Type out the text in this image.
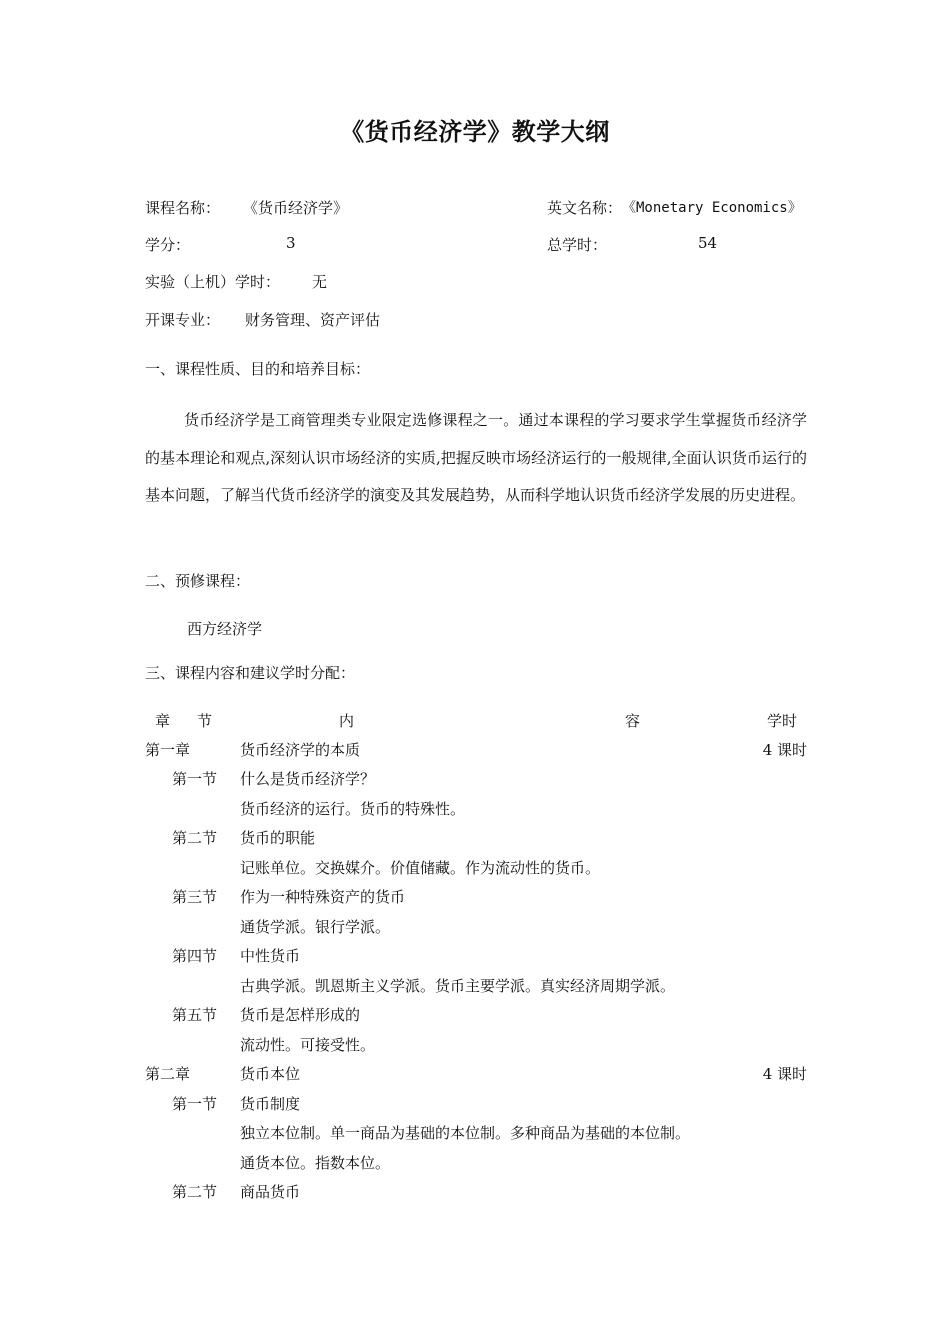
《货币经济学》教学大纲
课程名称： 《货币经济学》	英文名称： 《Monetary Economics》
学分：	3	总学时：	54
实验（上机）学时： 无
开课专业： 财务管理、资产评估
一、课程性质、目的和培养目标：

货币经济学是工商管理类专业限定选修课程之一。通过本课程的学习要求学生掌握货币经济学的基本理论和观点,深刻认识市场经济的实质,把握反映市场经济运行的一般规律,全面认识货币运行的基本问题，了解当代货币经济学的演变及其发展趋势，从而科学地认识货币经济学发展的历史进程。

二、预修课程：
西方经济学
三、课程内容和建议学时分配：
章 节	内	容	学时
第一章	货币经济学的本质	4 课时
第一节 什么是货币经济学？
货币经济的运行。货币的特殊性。
第二节 货币的职能
记账单位。交换媒介。价值储藏。作为流动性的货币。
第三节 作为一种特殊资产的货币
通货学派。银行学派。
第四节 中性货币
古典学派。凯恩斯主义学派。货币主要学派。真实经济周期学派。
第五节 货币是怎样形成的
流动性。可接受性。
第二章	货币本位	4 课时
第一节 货币制度
独立本位制。单一商品为基础的本位制。多种商品为基础的本位制。
通货本位。指数本位。
第二节 商品货币
